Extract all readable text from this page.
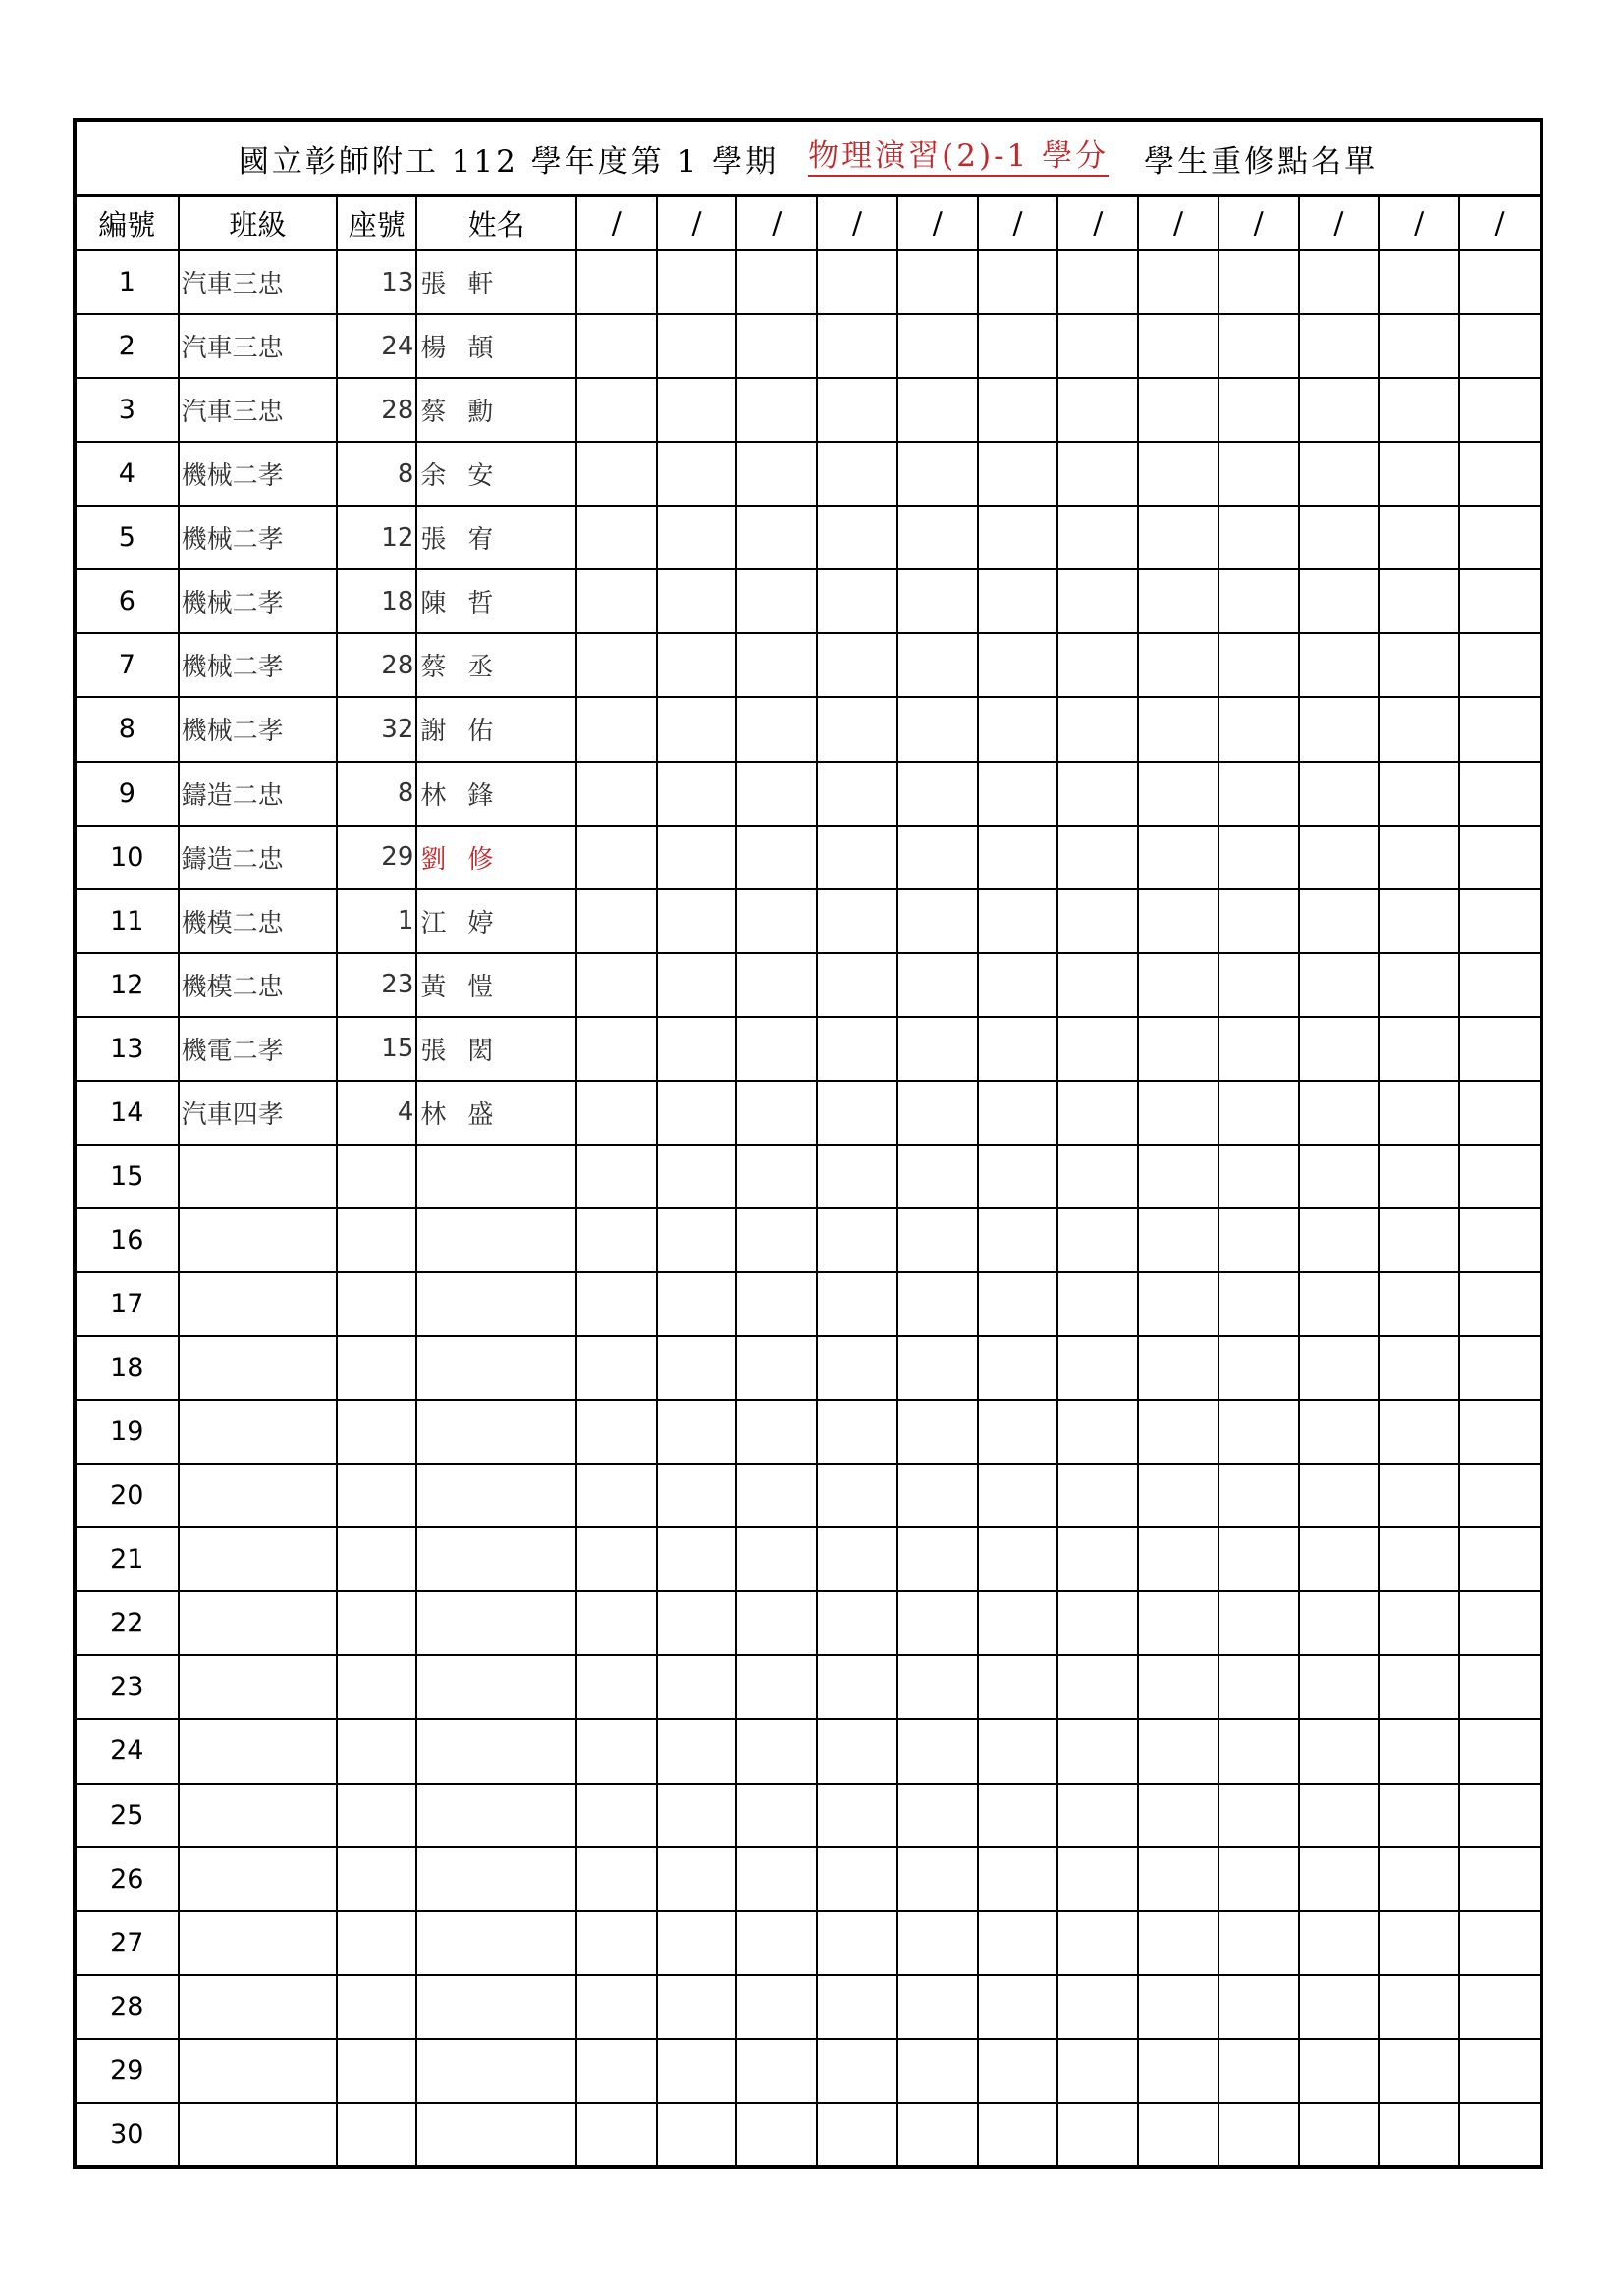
國立彰師附工 112 學年度第 1 學期 物理演習(2)-1 學分 學生重修點名單
編號	班級	座號	姓名	/	/	/	/	/	/	/	/	/	/	/	/
1	汽車三忠	13	張 軒												
2	汽車三忠	24	楊 頡												
3	汽車三忠	28	蔡 勳												
4	機械二孝	8	余 安												
5	機械二孝	12	張 宥												
6	機械二孝	18	陳 哲												
7	機械二孝	28	蔡 丞												
8	機械二孝	32	謝 佑												
9	鑄造二忠	8	林 鋒												
10	鑄造二忠	29	劉 修												
11	機模二忠	1	江 婷												
12	機模二忠	23	黃 愷												
13	機電二孝	15	張 閎												
14	汽車四孝	4	林 盛												
15															
16															
17															
18															
19															
20															
21															
22															
23															
24															
25															
26															
27															
28															
29															
30															
